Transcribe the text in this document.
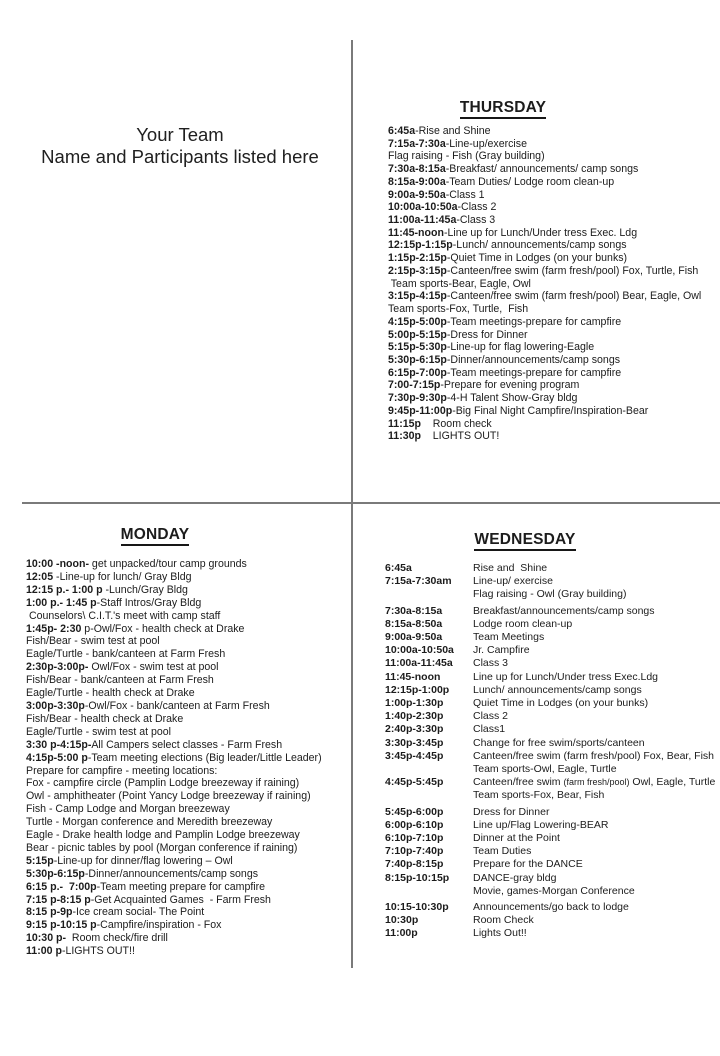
Your Team
Name and Participants listed here
THURSDAY
6:45a-Rise and Shine
7:15a-7:30a-Line-up/exercise
Flag raising - Fish (Gray building)
7:30a-8:15a-Breakfast/ announcements/ camp songs
8:15a-9:00a-Team Duties/ Lodge room clean-up
9:00a-9:50a-Class 1
10:00a-10:50a-Class 2
11:00a-11:45a-Class 3
11:45-noon-Line up for Lunch/Under tress Exec. Ldg
12:15p-1:15p-Lunch/ announcements/camp songs
1:15p-2:15p-Quiet Time in Lodges (on your bunks)
2:15p-3:15p-Canteen/free swim (farm fresh/pool) Fox, Turtle, Fish
Team sports-Bear, Eagle, Owl
3:15p-4:15p-Canteen/free swim (farm fresh/pool) Bear, Eagle, Owl
Team sports-Fox, Turtle,  Fish
4:15p-5:00p-Team meetings-prepare for campfire
5:00p-5:15p-Dress for Dinner
5:15p-5:30p-Line-up for flag lowering-Eagle
5:30p-6:15p-Dinner/announcements/camp songs
6:15p-7:00p-Team meetings-prepare for campfire
7:00-7:15p-Prepare for evening program
7:30p-9:30p-4-H Talent Show-Gray bldg
9:45p-11:00p-Big Final Night Campfire/Inspiration-Bear
11:15p    Room check
11:30p    LIGHTS OUT!
MONDAY
10:00 -noon- get unpacked/tour camp grounds
12:05 -Line-up for lunch/ Gray Bldg
12:15 p.- 1:00 p -Lunch/Gray Bldg
1:00 p.- 1:45 p-Staff Intros/Gray Bldg
Counselors\ C.I.T.'s meet with camp staff
1:45p- 2:30 p-Owl/Fox - health check at Drake
Fish/Bear - swim test at pool
Eagle/Turtle - bank/canteen at Farm Fresh
2:30p-3:00p- Owl/Fox - swim test at pool
Fish/Bear - bank/canteen at Farm Fresh
Eagle/Turtle - health check at Drake
3:00p-3:30p-Owl/Fox - bank/canteen at Farm Fresh
Fish/Bear - health check at Drake
Eagle/Turtle - swim test at pool
3:30 p-4:15p-All Campers select classes - Farm Fresh
4:15p-5:00 p-Team meeting elections (Big leader/Little Leader)
Prepare for campfire - meeting locations:
Fox - campfire circle (Pamplin Lodge breezeway if raining)
Owl - amphitheater (Point Yancy Lodge breezeway if raining)
Fish - Camp Lodge and Morgan breezeway
Turtle - Morgan conference and Meredith breezeway
Eagle - Drake health lodge and Pamplin Lodge breezeway
Bear - picnic tables by pool (Morgan conference if raining)
5:15p-Line-up for dinner/flag lowering – Owl
5:30p-6:15p-Dinner/announcements/camp songs
6:15 p.-  7:00p-Team meeting prepare for campfire
7:15 p-8:15 p-Get Acquainted Games  - Farm Fresh
8:15 p-9p-Ice cream social- The Point
9:15 p-10:15 p-Campfire/inspiration - Fox
10:30 p-  Room check/fire drill
11:00 p-LIGHTS OUT!!
WEDNESDAY
6:45a	Rise and  Shine
7:15a-7:30am	Line-up/ exercise
Flag raising - Owl (Gray building)
7:30a-8:15a	Breakfast/announcements/camp songs
8:15a-8:50a	Lodge room clean-up
9:00a-9:50a	Team Meetings
10:00a-10:50a	Jr. Campfire
11:00a-11:45a	Class 3
11:45-noon	Line up for Lunch/Under tress Exec.Ldg
12:15p-1:00p	Lunch/ announcements/camp songs
1:00p-1:30p	Quiet Time in Lodges (on your bunks)
1:40p-2:30p	Class 2
2:40p-3:30p	Class1
3:30p-3:45p	Change for free swim/sports/canteen
3:45p-4:45p	Canteen/free swim (farm fresh/pool) Fox, Bear, Fish
Team sports-Owl, Eagle, Turtle
4:45p-5:45p	Canteen/free swim (farm fresh/pool) Owl, Eagle, Turtle
Team sports-Fox, Bear, Fish
5:45p-6:00p	Dress for Dinner
6:00p-6:10p	Line up/Flag Lowering-BEAR
6:10p-7:10p	Dinner at the Point
7:10p-7:40p	Team Duties
7:40p-8:15p	Prepare for the DANCE
8:15p-10:15p	DANCE-gray bldg
Movie, games-Morgan Conference
10:15-10:30p	Announcements/go back to lodge
10:30p	Room Check
11:00p	Lights Out!!
